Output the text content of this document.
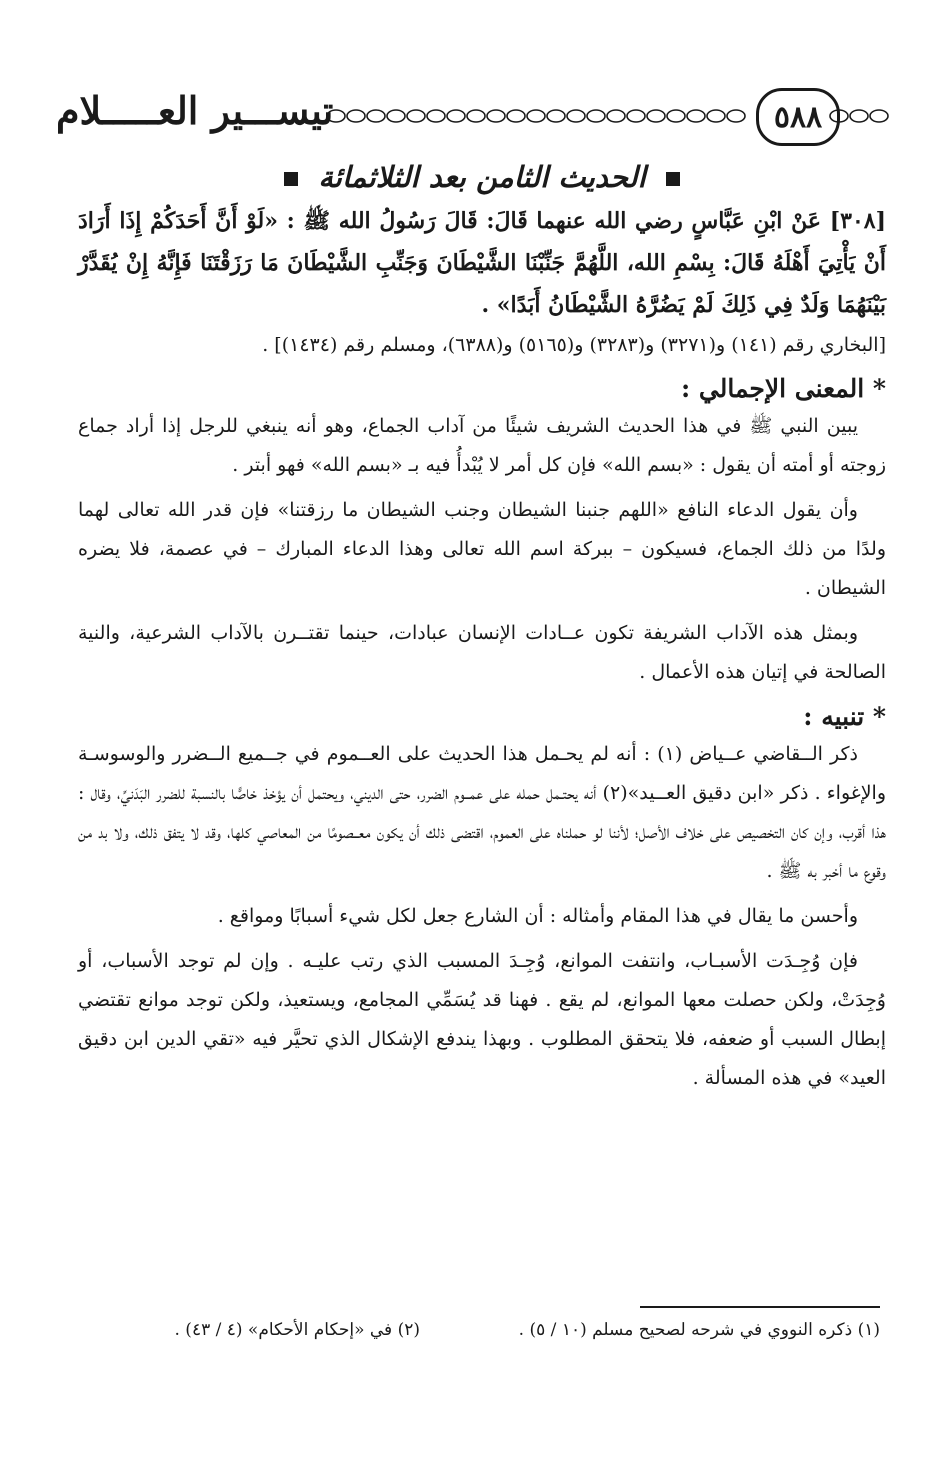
تيســـير العـــــلام	٥٨٨
الحديث الثامن بعد الثلاثمائة

[٣٠٨] عَنْ ابْنِ عَبَّاسٍ رضي الله عنهما قَالَ: قَالَ رَسُولُ الله ﷺ : «لَوْ أَنَّ أَحَدَكُمْ إِذَا أَرَادَ أَنْ يَأْتِيَ أَهْلَهُ قَالَ: بِسْمِ الله، اللَّهُمَّ جَنِّبْنَا الشَّيْطَانَ وَجَنِّبِ الشَّيْطَانَ مَا رَزَقْتَنَا فَإِنَّهُ إِنْ يُقَدَّرْ بَيْنَهُمَا وَلَدٌ فِي ذَلِكَ لَمْ يَضُرَّهُ الشَّيْطَانُ أَبَدًا» .

[البخاري رقم (١٤١) و(٣٢٧١) و(٣٢٨٣) و(٥١٦٥) و(٦٣٨٨)، ومسلم رقم (١٤٣٤)] .

* المعنى الإجمالي :

يبين النبي ﷺ في هذا الحديث الشريف شيئًا من آداب الجماع، وهو أنه ينبغي للرجل إذا أراد جماع زوجته أو أمته أن يقول : «بسم الله» فإن كل أمر لا يُبْدأُ فيه بـ «بسم الله» فهو أبتر .

وأن يقول الدعاء النافع «اللهم جنبنا الشيطان وجنب الشيطان ما رزقتنا» فإن قدر الله تعالى لهما ولدًا من ذلك الجماع، فسيكون – ببركة اسم الله تعالى وهذا الدعاء المبارك – في عصمة، فلا يضره الشيطان .

وبمثل هذه الآداب الشريفة تكون عــادات الإنسان عبادات، حينما تقتــرن بالآداب الشرعية، والنية الصالحة في إتيان هذه الأعمال .

* تنبيه :

ذكر الــقاضي عــياض (١) : أنه لم يحـمل هذا الحديث على العــموم في جــميع الــضرر والوسوسـة والإغواء . ذكر «ابن دقيق العــيد»(٢) أنه يحتـمل حمله على عمــوم الضرر، حتى الديني، ويحتمل أن يؤخذ خاصًّا بالنسبة للضرر البَدَنيِّ، وقال : هذا أقرب، وإن كان التخصيص على خلاف الأصل؛ لأننا لو حملناه على العموم، اقتضى ذلك أن يكون معــصومًا من المعاصي كلها، وقد لا يتفق ذلك، ولا بد من وقوع ما أخبر به ﷺ .

وأحسن ما يقال في هذا المقام وأمثاله : أن الشارع جعل لكل شيء أسبابًا ومواقع .

فإن وُجِـدَت الأسبـاب، وانتفت الموانع، وُجِـدَ المسبب الذي رتب عليـه . وإن لم توجد الأسباب، أو وُجِدَتْ، ولكن حصلت معها الموانع، لم يقع . فهنا قد يُسَمِّي المجامع، ويستعيذ، ولكن توجد موانع تقتضي إبطال السبب أو ضعفه، فلا يتحقق المطلوب . وبهذا يندفع الإشكال الذي تحيَّر فيه «تقي الدين ابن دقيق العيد» في هذه المسألة .

(١) ذكره النووي في شرحه لصحيح مسلم (١٠ / ٥) .
(٢) في «إحكام الأحكام» (٤ / ٤٣) .
